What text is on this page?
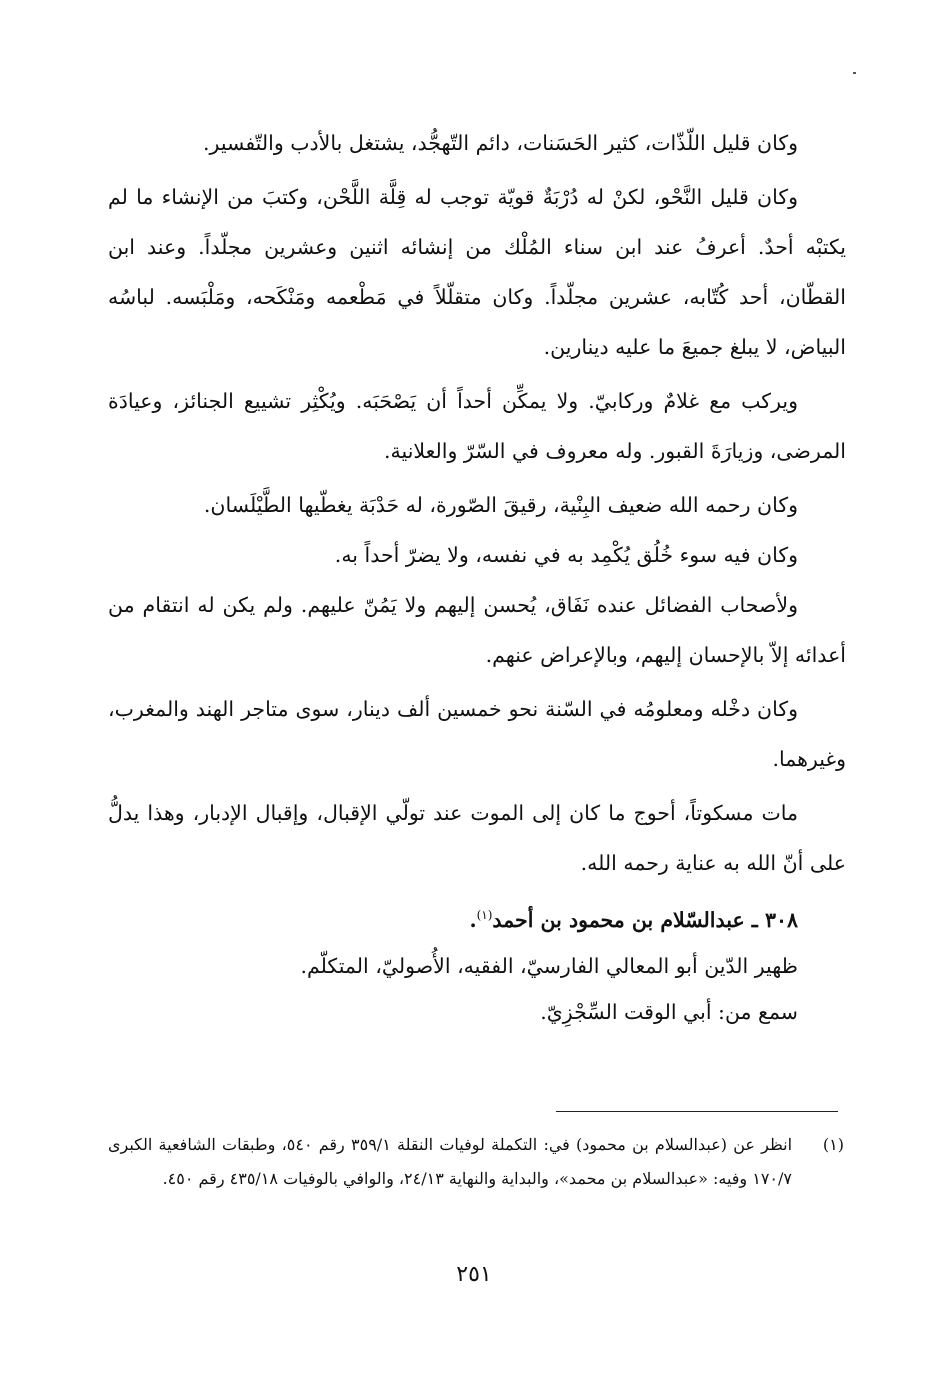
وكان قليل اللّذّات، كثير الحَسَنات، دائم التّهجُّد، يشتغل بالأدب والتّفسير.

وكان قليل النَّحْو، لكنْ له دُرْبَةٌ قويّة توجب له قِلَّة اللَّحْن، وكتبَ من الإنشاء ما لم يكتبْه أحدٌ. أعرفُ عند ابن سناء المُلْك من إنشائه اثنين وعشرين مجلّداً. وعند ابن القطّان، أحد كُتّابه، عشرين مجلّداً. وكان متقلّلاً في مَطْعمه ومَنْكَحه، ومَلْبَسه. لباسُه البياض، لا يبلغ جميعَ ما عليه دينارين.

ويركب مع غلامٌ وركابيّ. ولا يمكِّن أحداً أن يَصْحَبَه. ويُكْثِر تشييع الجنائز، وعيادَة المرضى، وزيارَةَ القبور. وله معروف في السّرّ والعلانية.

وكان رحمه الله ضعيف البِنْية، رقيقَ الصّورة، له حَدْبَة يغطّيها الطَّيْلَسان.

وكان فيه سوء خُلُق يُكْمِد به في نفسه، ولا يضرّ أحداً به.

ولأصحاب الفضائل عنده نَفَاق، يُحسن إليهم ولا يَمُنّ عليهم. ولم يكن له انتقام من أعدائه إلاّ بالإحسان إليهم، وبالإعراض عنهم.

وكان دخْله ومعلومُه في السّنة نحو خمسين ألف دينار، سوى متاجر الهند والمغرب، وغيرهما.

مات مسكوتاً، أحوج ما كان إلى الموت عند تولّي الإقبال، وإقبال الإدبار، وهذا يدلُّ على أنّ الله به عناية رحمه الله.

٣٠٨ ـ عبدالسّلام بن محمود بن أحمد$^{(١)}$.

ظهير الدّين أبو المعالي الفارسيّ، الفقيه، الأُصوليّ، المتكلّم.

سمع من: أبي الوقت السِّجْزِيّ.

(١)
انظر عن (عبدالسلام بن محمود) في: التكملة لوفيات النقلة ٣٥٩/١ رقم ٥٤٠، وطبقات الشافعية الكبرى ١٧٠/٧ وفيه: «عبدالسلام بن محمد»، والبداية والنهاية ٢٤/١٣، والوافي بالوفيات ٤٣٥/١٨ رقم ٤٥٠.
٢٥١
